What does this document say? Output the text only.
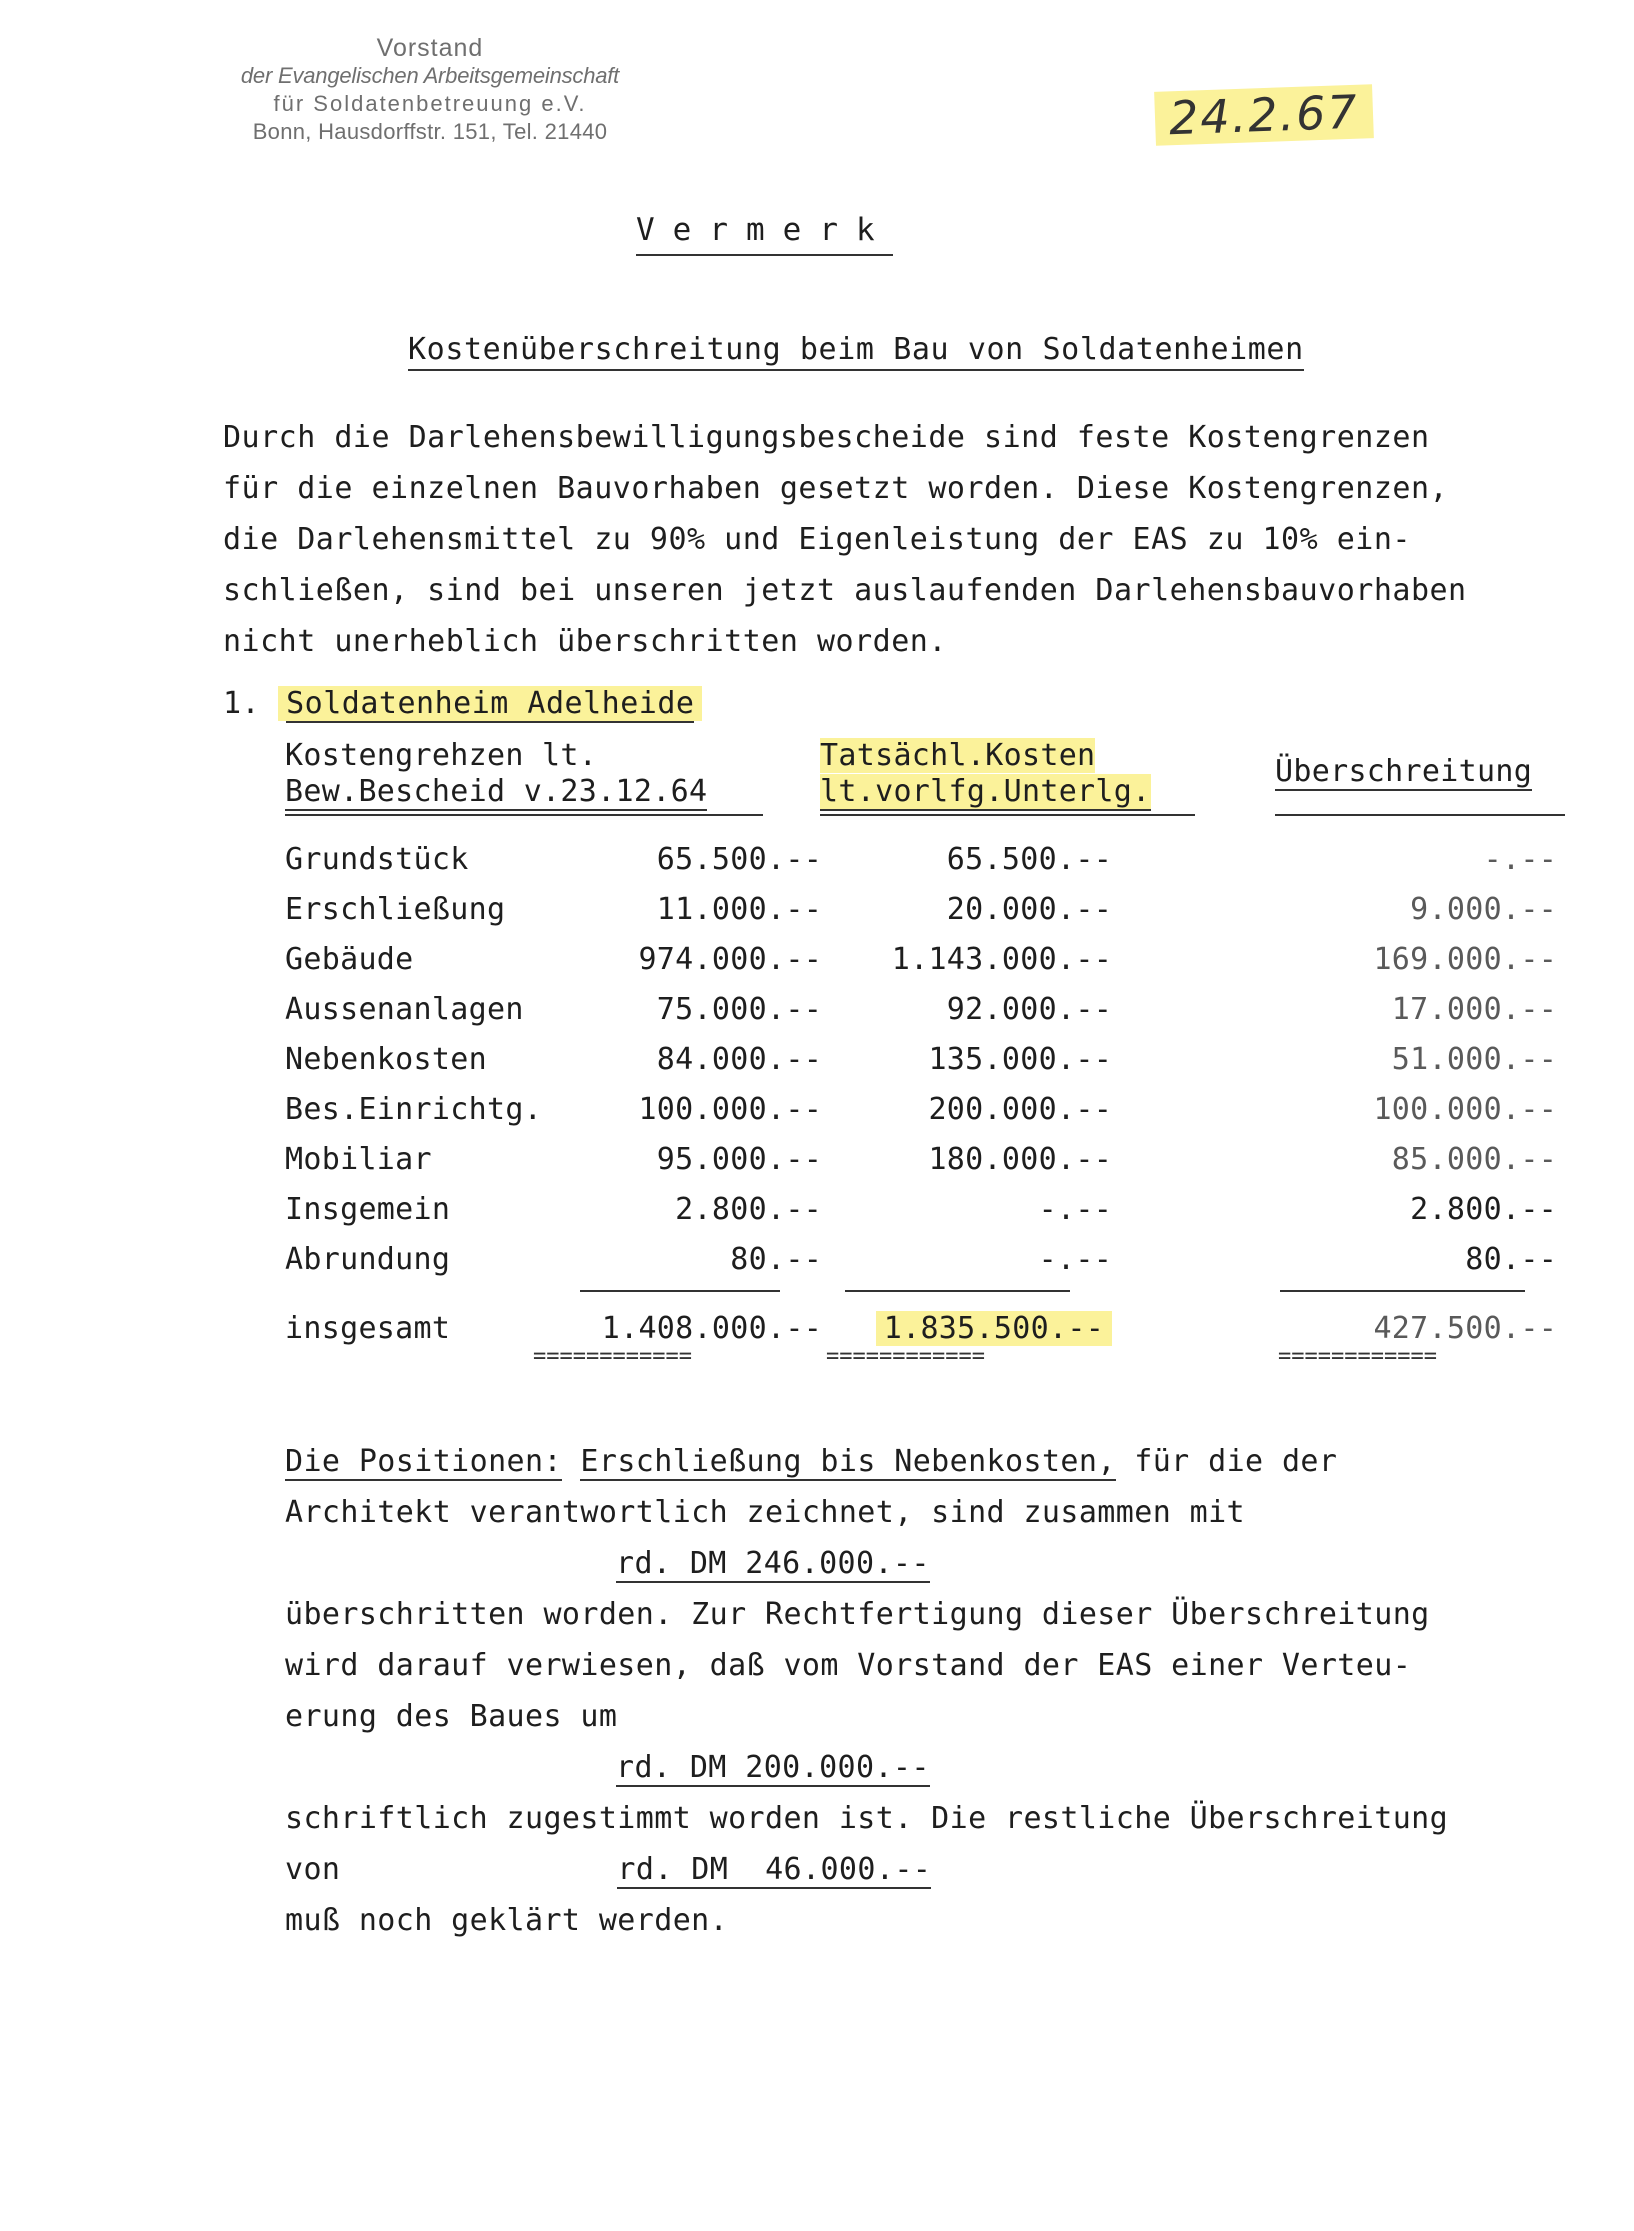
Vorstand
der Evangelischen Arbeitsgemeinschaft
für Soldatenbetreuung e.V.
Bonn, Hausdorffstr. 151, Tel. 21440	24.2.67
Vermerk
Kostenüberschreitung beim Bau von Soldatenheimen
Durch die Darlehensbewilligungsbescheide sind feste Kostengrenzen
für die einzelnen Bauvorhaben gesetzt worden. Diese Kostengrenzen,
die Darlehensmittel zu 90% und Eigenleistung der EAS zu 10% ein-
schließen, sind bei unseren jetzt auslaufenden Darlehensbauvorhaben
nicht unerheblich überschritten worden.
1. Soldatenheim Adelheide
Kostengrehzen lt.
Bew.Bescheid v.23.12.64
Tatsächl.Kosten
lt.vorlfg.Unterlg.
Überschreitung
Grundstück	65.500.--	65.500.--	-.--
Erschließung	11.000.--	20.000.--	9.000.--
Gebäude	974.000.--	1.143.000.--	169.000.--
Aussenanlagen	75.000.--	92.000.--	17.000.--
Nebenkosten	84.000.--	135.000.--	51.000.--
Bes.Einrichtg.	100.000.--	200.000.--	100.000.--
Mobiliar	95.000.--	180.000.--	85.000.--
Insgemein	2.800.--	-.--	2.800.--
Abrundung	80.--	-.--	80.--
insgesamt	1.408.000.--	1.835.500.--	427.500.--
============	============	============
Die Positionen: Erschließung bis Nebenkosten, für die der
Architekt verantwortlich zeichnet, sind zusammen mit
rd. DM 246.000.--
überschritten worden. Zur Rechtfertigung dieser Überschreitung
wird darauf verwiesen, daß vom Vorstand der EAS einer Verteu-
erung des Baues um
rd. DM 200.000.--
schriftlich zugestimmt worden ist. Die restliche Überschreitung
von	rd. DM  46.000.--
muß noch geklärt werden.
